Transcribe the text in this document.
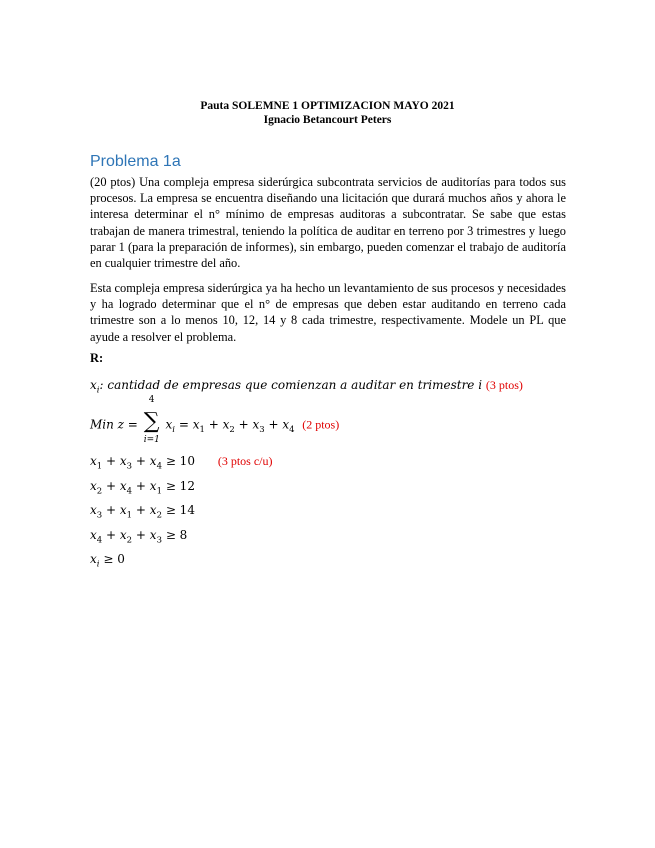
Pauta SOLEMNE 1 OPTIMIZACION MAYO 2021
Ignacio Betancourt Peters
Problema 1a

(20 ptos) Una compleja empresa siderúrgica subcontrata servicios de auditorías para todos sus procesos. La empresa se encuentra diseñando una licitación que durará muchos años y ahora le interesa determinar el n° mínimo de empresas auditoras a subcontratar. Se sabe que estas trabajan de manera trimestral, teniendo la política de auditar en terreno por 3 trimestres y luego parar 1 (para la preparación de informes), sin embargo, pueden comenzar el trabajo de auditoría en cualquier trimestre del año.

Esta compleja empresa siderúrgica ya ha hecho un levantamiento de sus procesos y necesidades y ha logrado determinar que el n° de empresas que deben estar auditando en terreno cada trimestre son a lo menos 10, 12, 14 y 8 cada trimestre, respectivamente. Modele un PL que ayude a resolver el problema.

R:
$x_i$: cantidad de empresas que comienzan a auditar en trimestre i (3 ptos)
Min z =
4
∑
i=1
$x_i = x_1 + x_2 + x_3 + x_4$ (2 ptos)
$x_1 + x_3 + x_4 \ge 10$ (3 ptos c/u)
$x_2 + x_4 + x_1 \ge 12$
$x_3 + x_1 + x_2 \ge 14$
$x_4 + x_2 + x_3 \ge 8$
$x_i \ge 0$
